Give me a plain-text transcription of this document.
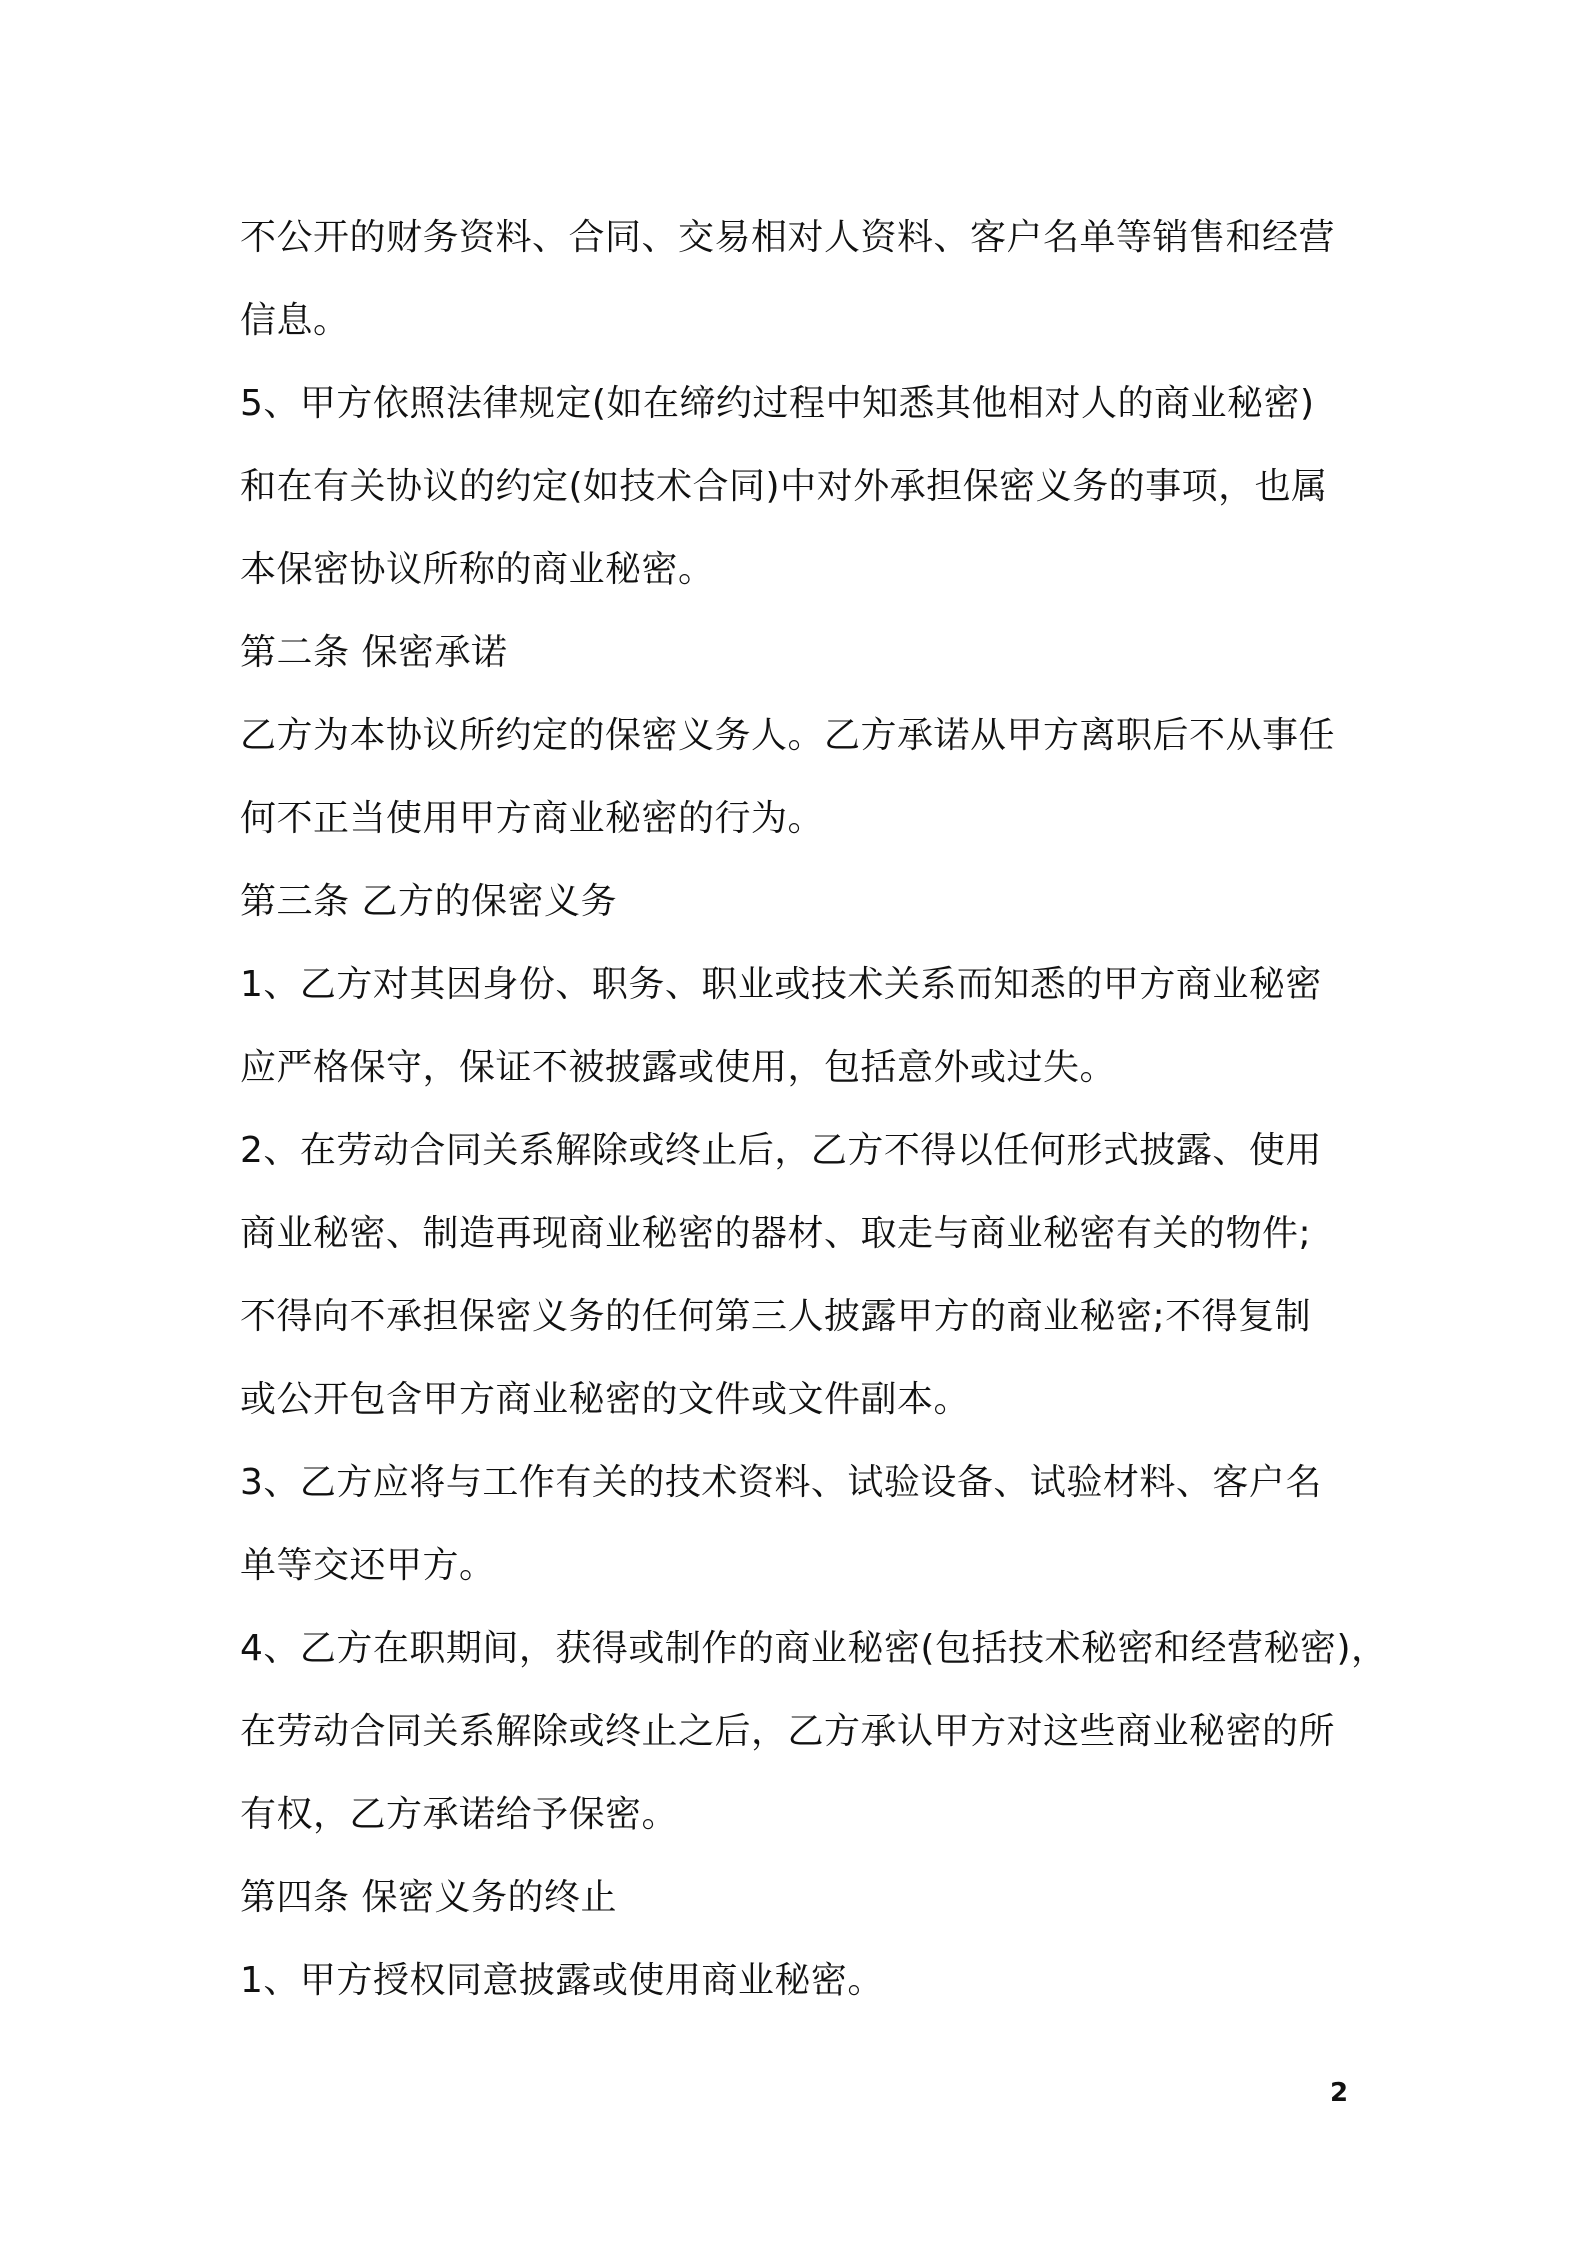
不公开的财务资料、合同、交易相对人资料、客户名单等销售和经营
信息。
5、甲方依照法律规定(如在缔约过程中知悉其他相对人的商业秘密)
和在有关协议的约定(如技术合同)中对外承担保密义务的事项，也属
本保密协议所称的商业秘密。
第二条 保密承诺
乙方为本协议所约定的保密义务人。乙方承诺从甲方离职后不从事任
何不正当使用甲方商业秘密的行为。
第三条 乙方的保密义务
1、乙方对其因身份、职务、职业或技术关系而知悉的甲方商业秘密
应严格保守，保证不被披露或使用，包括意外或过失。
2、在劳动合同关系解除或终止后，乙方不得以任何形式披露、使用
商业秘密、制造再现商业秘密的器材、取走与商业秘密有关的物件;
不得向不承担保密义务的任何第三人披露甲方的商业秘密;不得复制
或公开包含甲方商业秘密的文件或文件副本。
3、乙方应将与工作有关的技术资料、试验设备、试验材料、客户名
单等交还甲方。
4、乙方在职期间，获得或制作的商业秘密(包括技术秘密和经营秘密)，
在劳动合同关系解除或终止之后，乙方承认甲方对这些商业秘密的所
有权，乙方承诺给予保密。
第四条 保密义务的终止
1、甲方授权同意披露或使用商业秘密。
2
